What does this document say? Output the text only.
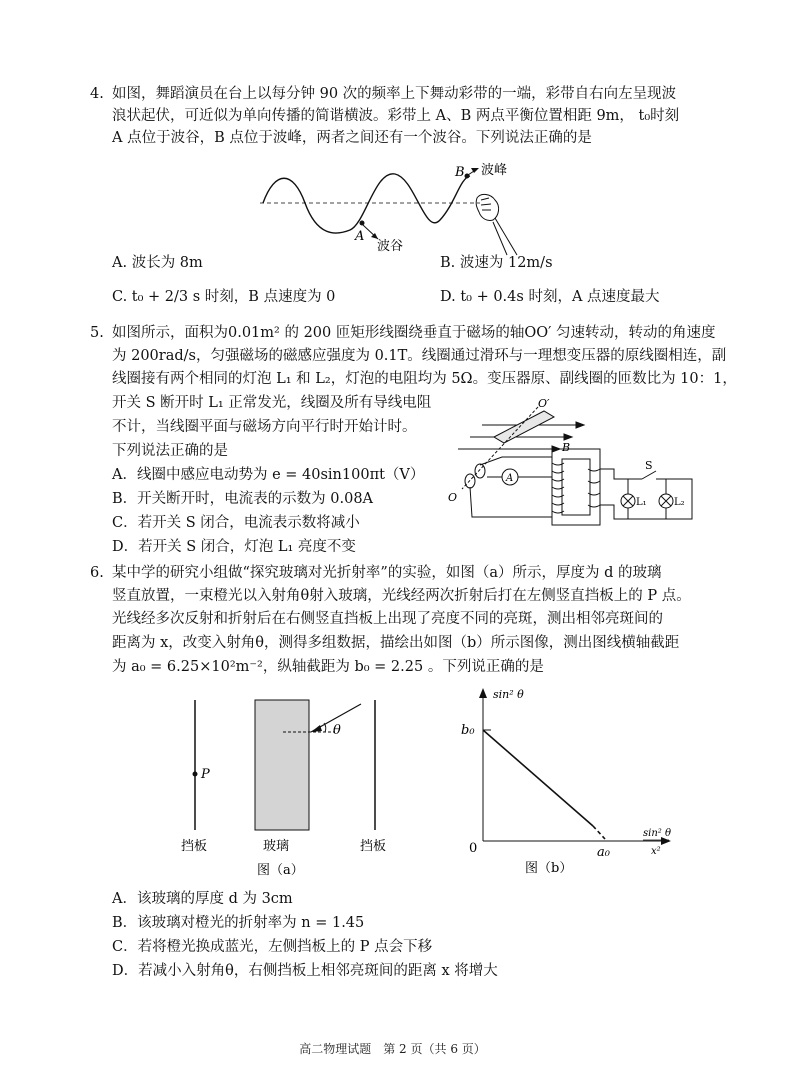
4. 如图，舞蹈演员在台上以每分钟 90 次的频率上下舞动彩带的一端，彩带自右向左呈现波
浪状起伏，可近似为单向传播的简谐横波。彩带上 A、B 两点平衡位置相距 9m， t₀时刻
A 点位于波谷，B 点位于波峰，两者之间还有一个波谷。下列说法正确的是
A
波谷
B 波峰
A. 波长为 8m	B. 波速为 12m/s
C. t₀ + 2/3 s 时刻，B 点速度为 0	D. t₀ + 0.4s 时刻，A 点速度最大
5. 如图所示，面积为0.01m² 的 200 匝矩形线圈绕垂直于磁场的轴OO′ 匀速转动，转动的角速度
为 200rad/s，匀强磁场的磁感应强度为 0.1T。线圈通过滑环与一理想变压器的原线圈相连，副
线圈接有两个相同的灯泡 L₁ 和 L₂，灯泡的电阻均为 5Ω。变压器原、副线圈的匝数比为 10：1，
开关 S 断开时 L₁ 正常发光，线圈及所有导线电阻
不计，当线圈平面与磁场方向平行时开始计时。
下列说法正确的是
O′
B
O
A
S
L₁	L₂
A．线圈中感应电动势为 e = 40sin100πt（V）
B．开关断开时，电流表的示数为 0.08A
C．若开关 S 闭合，电流表示数将减小
D．若开关 S 闭合，灯泡 L₁ 亮度不变
6. 某中学的研究小组做“探究玻璃对光折射率”的实验，如图（a）所示，厚度为 d 的玻璃
竖直放置，一束橙光以入射角θ射入玻璃，光线经两次折射后打在左侧竖直挡板上的 P 点。
光线经多次反射和折射后在右侧竖直挡板上出现了亮度不同的亮斑，测出相邻亮斑间的
距离为 x，改变入射角θ，测得多组数据，描绘出如图（b）所示图像，测出图线横轴截距
为 a₀ = 6.25×10²m⁻²，纵轴截距为 b₀ = 2.25 。下列说正确的是
P
θ
挡板	玻璃	挡板
图（a）
sin² θ
b₀
0	a₀
sin² θ
x²
图（b）
A．该玻璃的厚度 d 为 3cm
B．该玻璃对橙光的折射率为 n = 1.45
C．若将橙光换成蓝光，左侧挡板上的 P 点会下移
D．若减小入射角θ，右侧挡板上相邻亮斑间的距离 x 将增大
高二物理试题　第 2 页（共 6 页）
